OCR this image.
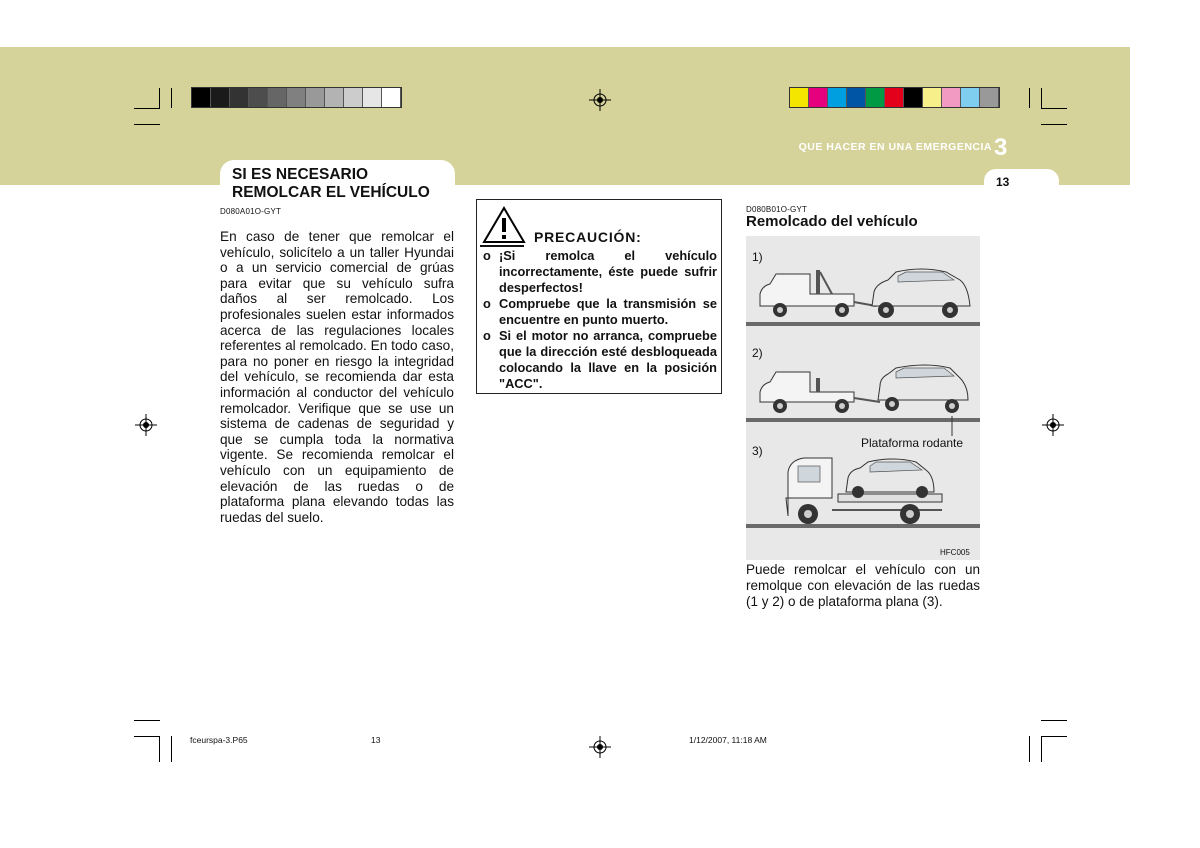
QUE HACER EN UNA EMERGENCIA 3
13
SI ES NECESARIO
REMOLCAR EL VEHÍCULO
D080A01O-GYT

En caso de tener que remolcar el vehículo, solicítelo a un taller Hyundai o a un servicio comercial de grúas para evitar que su vehículo sufra daños al ser remolcado. Los profesionales suelen estar informados acerca de las regulaciones locales referentes al remolcado. En todo caso, para no poner en riesgo la integridad del vehículo, se recomienda dar esta información al conductor del vehículo remolcador. Verifique que se use un sistema de cadenas de seguridad y que se cumpla toda la normativa vigente. Se recomienda remolcar el vehículo con un equipamiento de elevación de las ruedas o de plataforma plana elevando todas las ruedas del suelo.

PRECAUCIÓN:
o ¡Si remolca el vehículo incorrectamente, éste puede sufrir desperfectos!
o Compruebe que la transmisión se encuentre en punto muerto.
o Si el motor no arranca, compruebe que la dirección esté desbloqueada colocando la llave en la posición "ACC".
D080B01O-GYT
Remolcado del vehículo
1)
2)
3)
Plataforma rodante
HFC005

Puede remolcar el vehículo con un remolque con elevación de las ruedas (1 y 2) o de plataforma plana (3).

fceurspa-3.P65	13	1/12/2007, 11:18 AM
